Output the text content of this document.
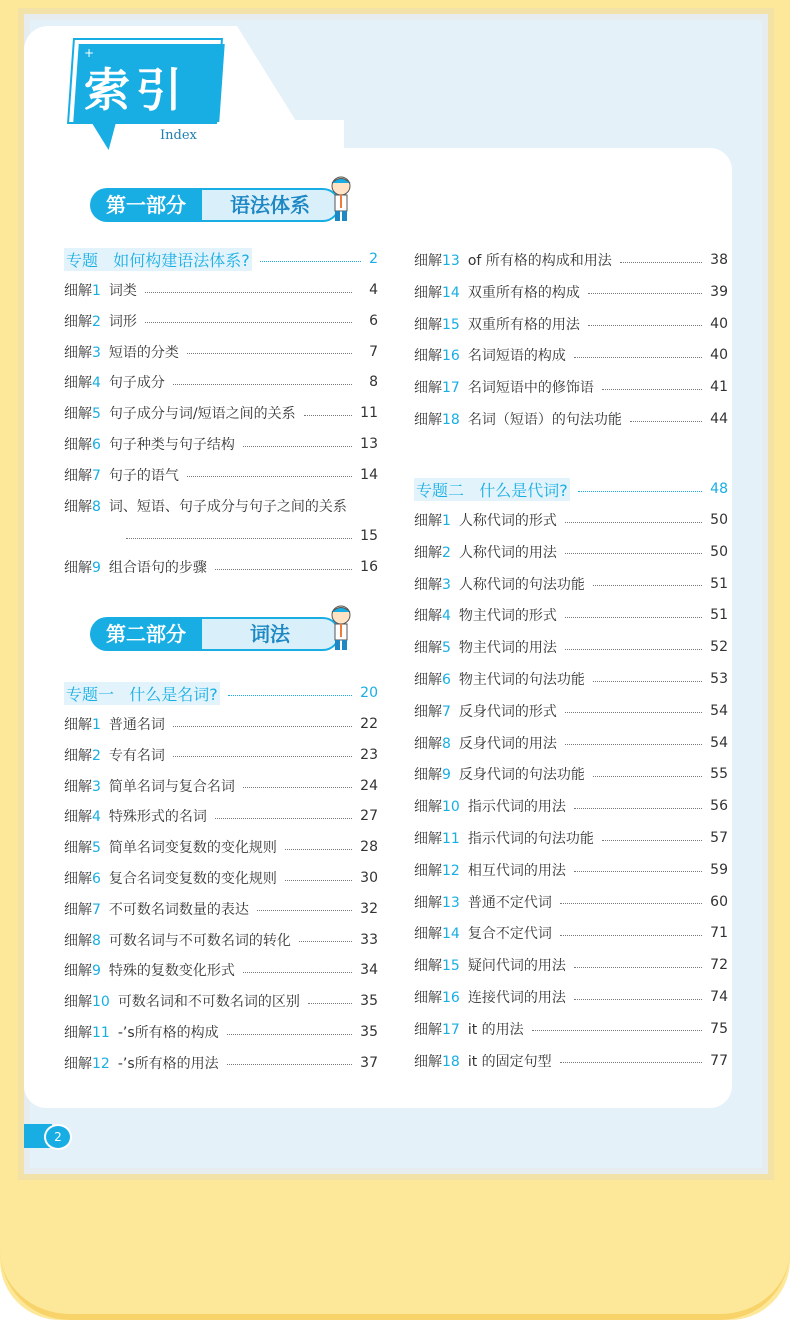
+
索引
Index
第一部分	语法体系
专题 如何构建语法体系?	2
细解1 词类	4
细解2 词形	6
细解3 短语的分类	7
细解4 句子成分	8
细解5 句子成分与词/短语之间的关系	11
细解6 句子种类与句子结构	13
细解7 句子的语气	14
细解8 词、短语、句子成分与句子之间的关系
15
细解9 组合语句的步骤	16
第二部分	词法
专题一 什么是名词?	20
细解1 普通名词	22
细解2 专有名词	23
细解3 简单名词与复合名词	24
细解4 特殊形式的名词	27
细解5 简单名词变复数的变化规则	28
细解6 复合名词变复数的变化规则	30
细解7 不可数名词数量的表达	32
细解8 可数名词与不可数名词的转化	33
细解9 特殊的复数变化形式	34
细解10 可数名词和不可数名词的区别	35
细解11 -’s所有格的构成	35
细解12 -’s所有格的用法	37
细解13 of 所有格的构成和用法	38
细解14 双重所有格的构成	39
细解15 双重所有格的用法	40
细解16 名词短语的构成	40
细解17 名词短语中的修饰语	41
细解18 名词（短语）的句法功能	44
专题二 什么是代词?	48
细解1 人称代词的形式	50
细解2 人称代词的用法	50
细解3 人称代词的句法功能	51
细解4 物主代词的形式	51
细解5 物主代词的用法	52
细解6 物主代词的句法功能	53
细解7 反身代词的形式	54
细解8 反身代词的用法	54
细解9 反身代词的句法功能	55
细解10 指示代词的用法	56
细解11 指示代词的句法功能	57
细解12 相互代词的用法	59
细解13 普通不定代词	60
细解14 复合不定代词	71
细解15 疑问代词的用法	72
细解16 连接代词的用法	74
细解17 it 的用法	75
细解18 it 的固定句型	77
2
